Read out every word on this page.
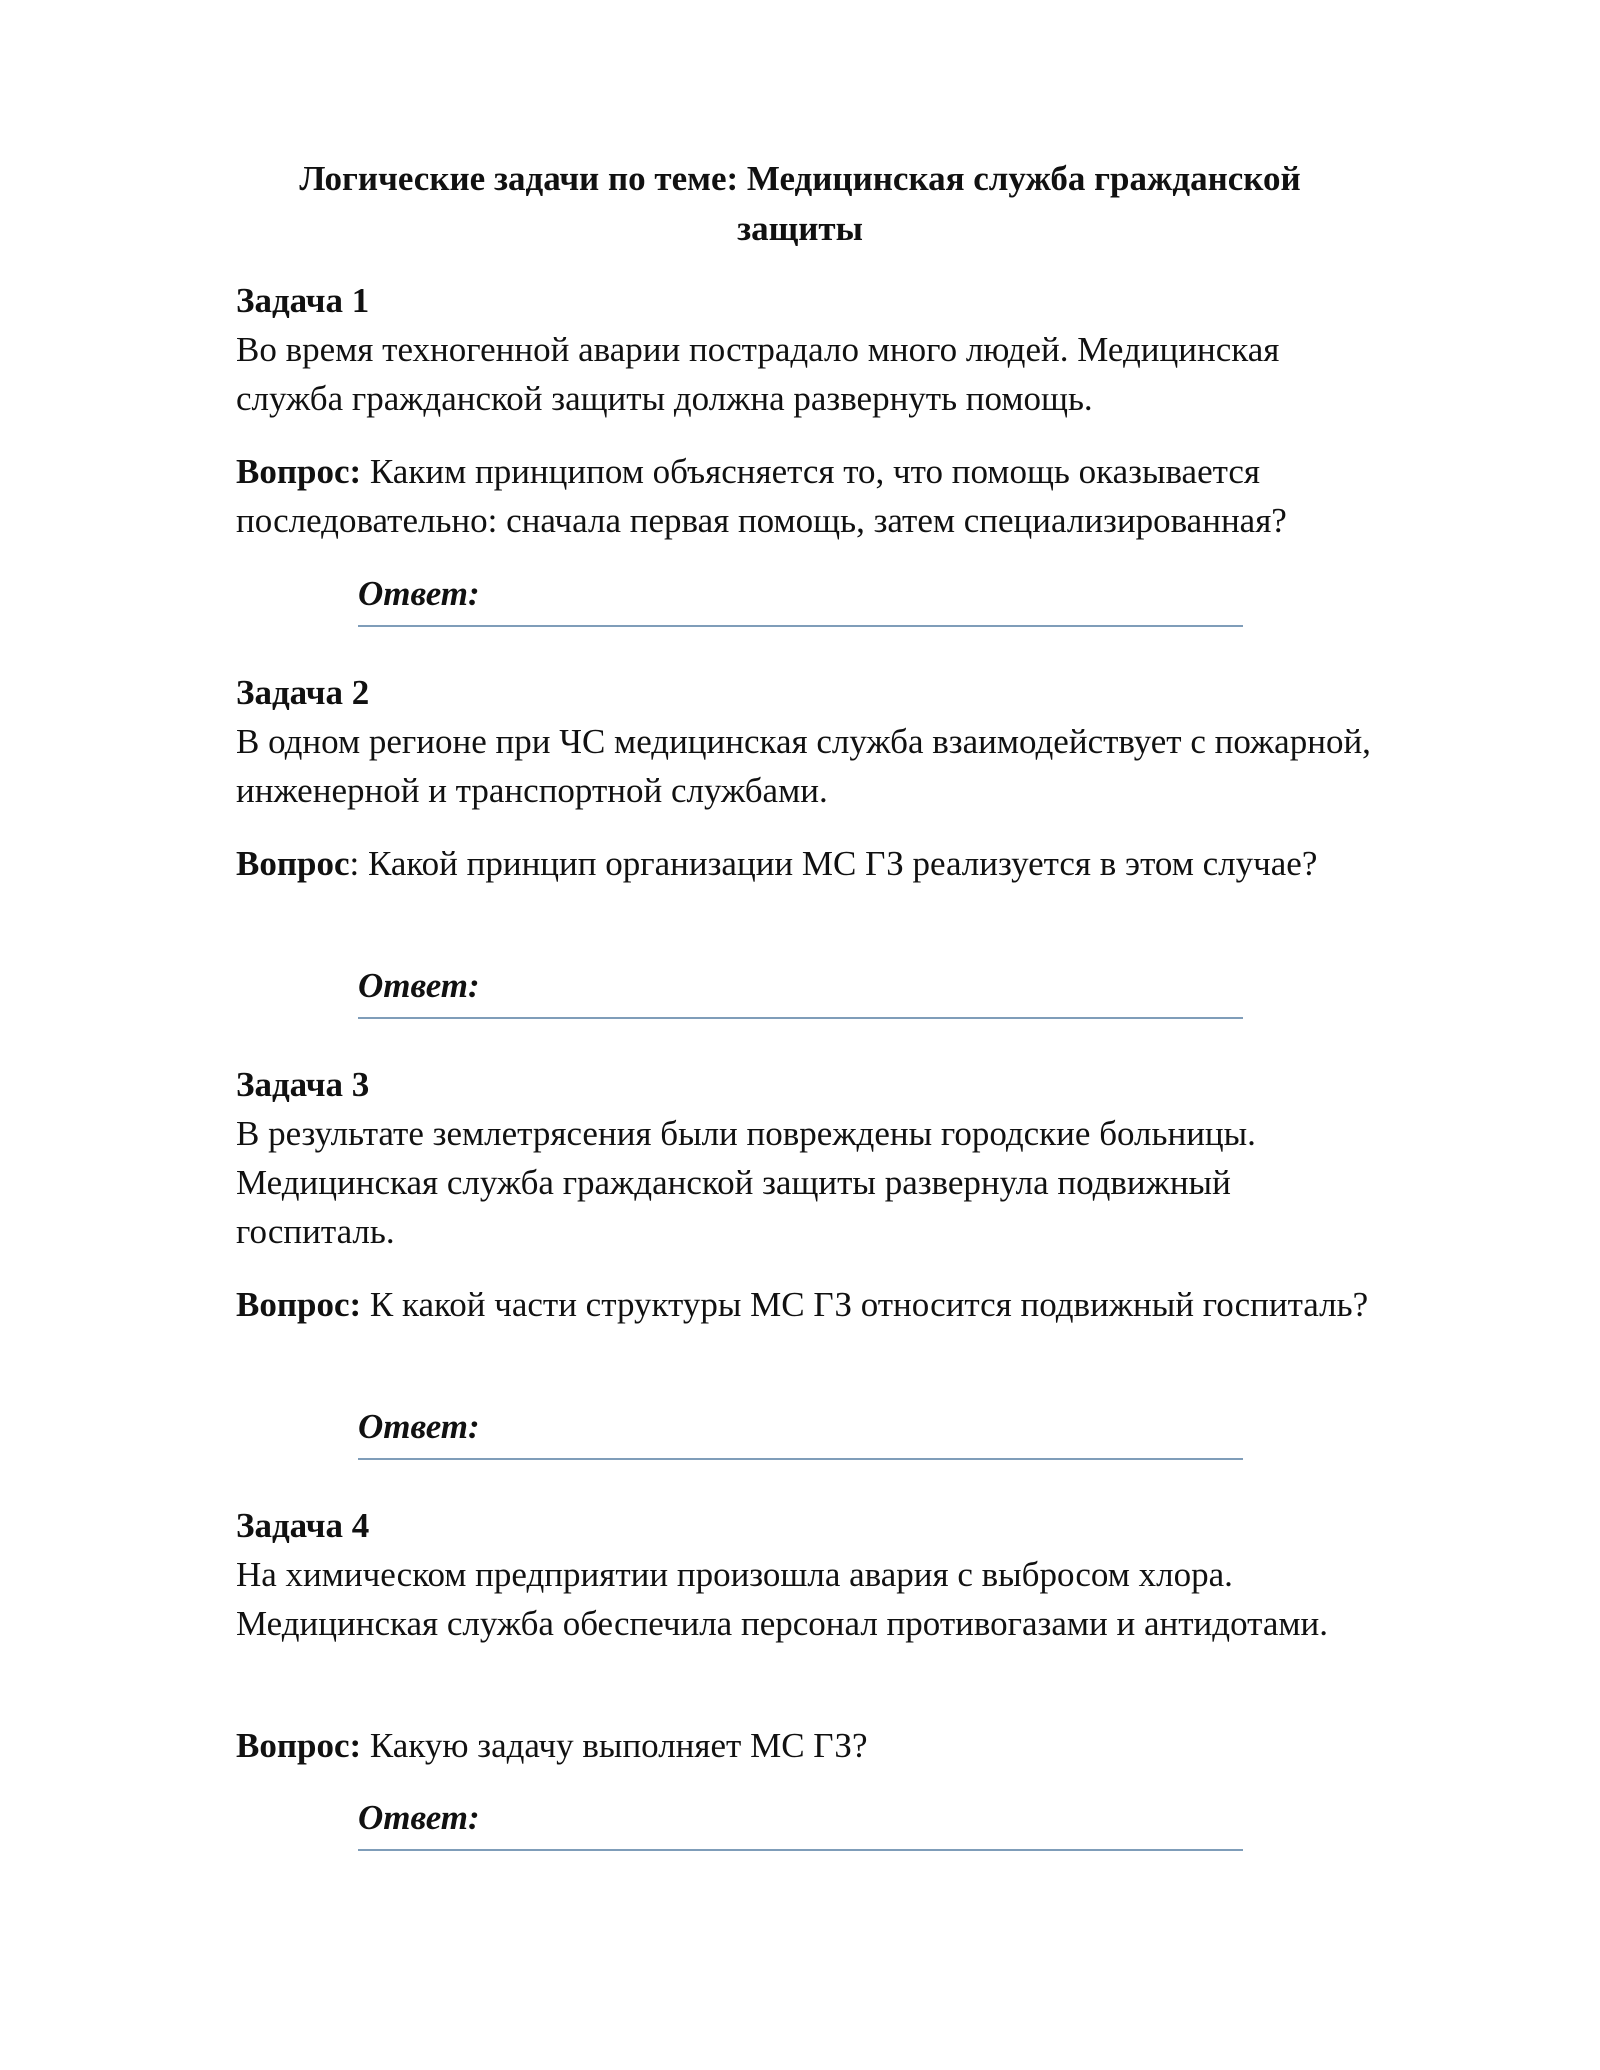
Логические задачи по теме: Медицинская служба гражданской защиты
Задача 1
Во время техногенной аварии пострадало много людей. Медицинская служба гражданской защиты должна развернуть помощь.
Вопрос: Каким принципом объясняется то, что помощь оказывается последовательно: сначала первая помощь, затем специализированная?
Ответ:
Задача 2
В одном регионе при ЧС медицинская служба взаимодействует с пожарной, инженерной и транспортной службами.
Вопрос: Какой принцип организации МС ГЗ реализуется в этом случае?
Ответ:
Задача 3
В результате землетрясения были повреждены городские больницы. Медицинская служба гражданской защиты развернула подвижный госпиталь.
Вопрос: К какой части структуры МС ГЗ относится подвижный госпиталь?
Ответ:
Задача 4
На химическом предприятии произошла авария с выбросом хлора. Медицинская служба обеспечила персонал противогазами и антидотами.
Вопрос: Какую задачу выполняет МС ГЗ?
Ответ:
